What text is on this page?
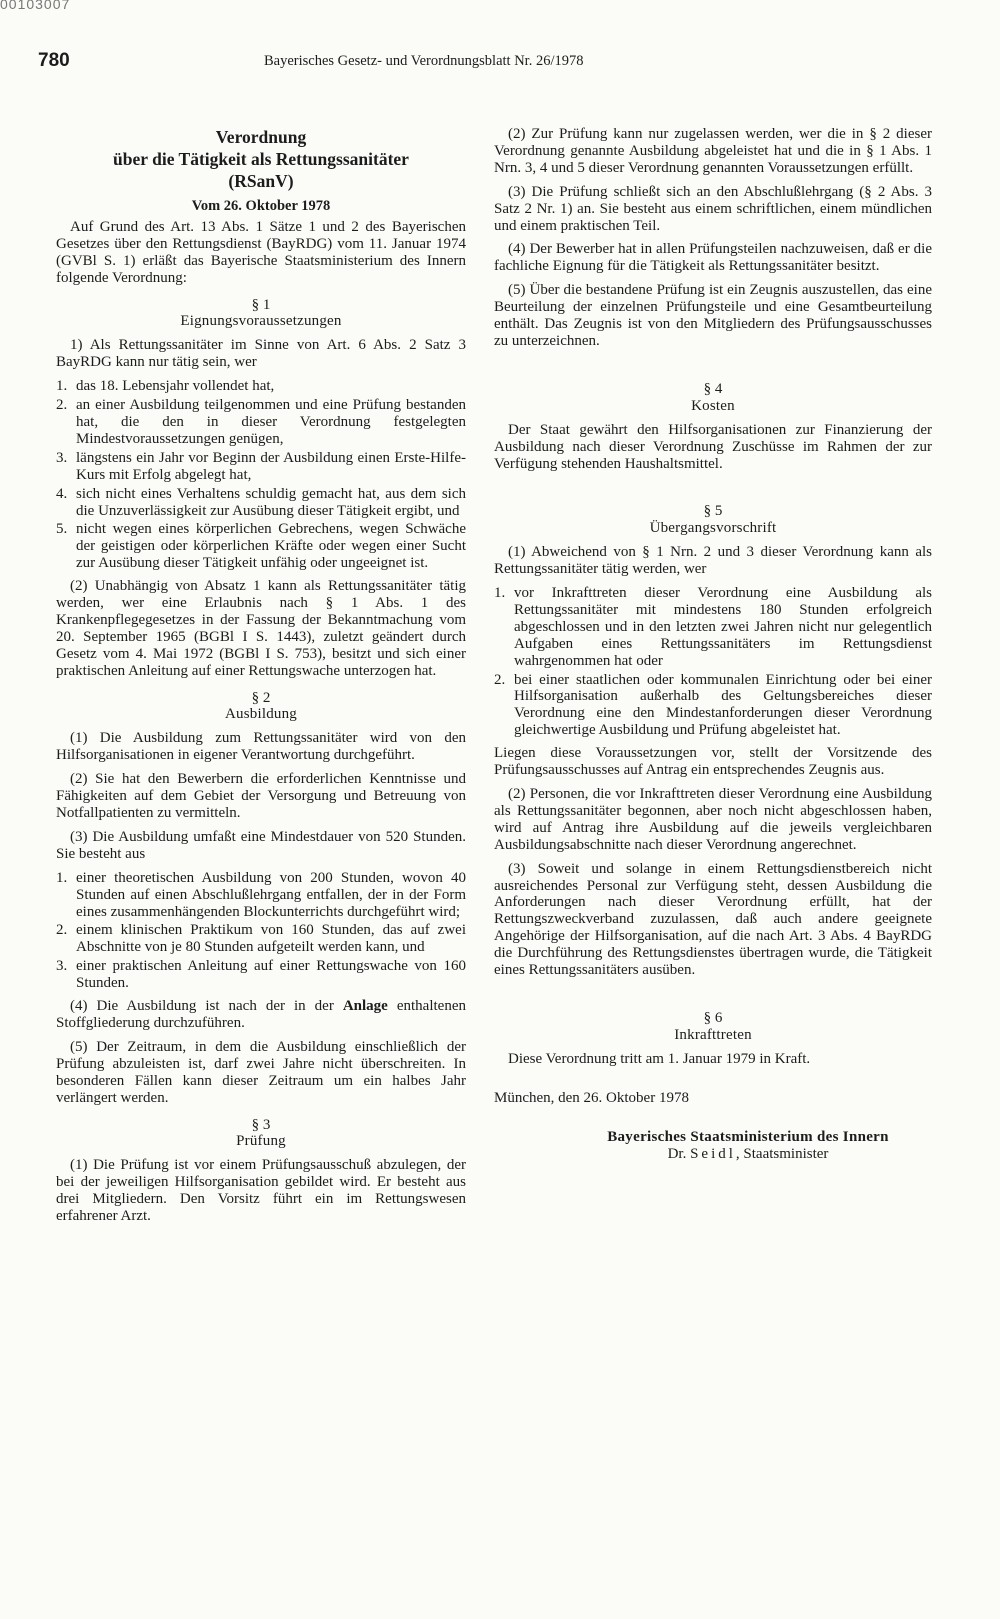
00103007
780	Bayerisches Gesetz- und Verordnungsblatt Nr. 26/1978
Verordnung
über die Tätigkeit als Rettungssanitäter
(RSanV)
Vom 26. Oktober 1978

Auf Grund des Art. 13 Abs. 1 Sätze 1 und 2 des Bayerischen Gesetzes über den Rettungsdienst (BayRDG) vom 11. Januar 1974 (GVBl S. 1) erläßt das Bayerische Staatsministerium des Innern folgende Verordnung:

§ 1
Eignungsvoraussetzungen

1) Als Rettungssanitäter im Sinne von Art. 6 Abs. 2 Satz 3 BayRDG kann nur tätig sein, wer

1. das 18. Lebensjahr vollendet hat,
2. an einer Ausbildung teilgenommen und eine Prüfung bestanden hat, die den in dieser Verordnung festgelegten Mindestvoraussetzungen genügen,
3. längstens ein Jahr vor Beginn der Ausbildung einen Erste-Hilfe-Kurs mit Erfolg abgelegt hat,
4. sich nicht eines Verhaltens schuldig gemacht hat, aus dem sich die Unzuverlässigkeit zur Ausübung dieser Tätigkeit ergibt, und
5. nicht wegen eines körperlichen Gebrechens, wegen Schwäche der geistigen oder körperlichen Kräfte oder wegen einer Sucht zur Ausübung dieser Tätigkeit unfähig oder ungeeignet ist.

(2) Unabhängig von Absatz 1 kann als Rettungssanitäter tätig werden, wer eine Erlaubnis nach § 1 Abs. 1 des Krankenpflegegesetzes in der Fassung der Bekanntmachung vom 20. September 1965 (BGBl I S. 1443), zuletzt geändert durch Gesetz vom 4. Mai 1972 (BGBl I S. 753), besitzt und sich einer praktischen Anleitung auf einer Rettungswache unterzogen hat.

§ 2
Ausbildung

(1) Die Ausbildung zum Rettungssanitäter wird von den Hilfsorganisationen in eigener Verantwortung durchgeführt.

(2) Sie hat den Bewerbern die erforderlichen Kenntnisse und Fähigkeiten auf dem Gebiet der Versorgung und Betreuung von Notfallpatienten zu vermitteln.

(3) Die Ausbildung umfaßt eine Mindestdauer von 520 Stunden. Sie besteht aus

1. einer theoretischen Ausbildung von 200 Stunden, wovon 40 Stunden auf einen Abschlußlehrgang entfallen, der in der Form eines zusammenhängenden Blockunterrichts durchgeführt wird;
2. einem klinischen Praktikum von 160 Stunden, das auf zwei Abschnitte von je 80 Stunden aufgeteilt werden kann, und
3. einer praktischen Anleitung auf einer Rettungswache von 160 Stunden.

(4) Die Ausbildung ist nach der in der Anlage enthaltenen Stoffgliederung durchzuführen.

(5) Der Zeitraum, in dem die Ausbildung einschließlich der Prüfung abzuleisten ist, darf zwei Jahre nicht überschreiten. In besonderen Fällen kann dieser Zeitraum um ein halbes Jahr verlängert werden.

§ 3
Prüfung

(1) Die Prüfung ist vor einem Prüfungsausschuß abzulegen, der bei der jeweiligen Hilfsorganisation gebildet wird. Er besteht aus drei Mitgliedern. Den Vorsitz führt ein im Rettungswesen erfahrener Arzt.

(2) Zur Prüfung kann nur zugelassen werden, wer die in § 2 dieser Verordnung genannte Ausbildung abgeleistet hat und die in § 1 Abs. 1 Nrn. 3, 4 und 5 dieser Verordnung genannten Voraussetzungen erfüllt.

(3) Die Prüfung schließt sich an den Abschlußlehrgang (§ 2 Abs. 3 Satz 2 Nr. 1) an. Sie besteht aus einem schriftlichen, einem mündlichen und einem praktischen Teil.

(4) Der Bewerber hat in allen Prüfungsteilen nachzuweisen, daß er die fachliche Eignung für die Tätigkeit als Rettungssanitäter besitzt.

(5) Über die bestandene Prüfung ist ein Zeugnis auszustellen, das eine Beurteilung der einzelnen Prüfungsteile und eine Gesamtbeurteilung enthält. Das Zeugnis ist von den Mitgliedern des Prüfungsausschusses zu unterzeichnen.

§ 4
Kosten

Der Staat gewährt den Hilfsorganisationen zur Finanzierung der Ausbildung nach dieser Verordnung Zuschüsse im Rahmen der zur Verfügung stehenden Haushaltsmittel.

§ 5
Übergangsvorschrift

(1) Abweichend von § 1 Nrn. 2 und 3 dieser Verordnung kann als Rettungssanitäter tätig werden, wer

1. vor Inkrafttreten dieser Verordnung eine Ausbildung als Rettungssanitäter mit mindestens 180 Stunden erfolgreich abgeschlossen und in den letzten zwei Jahren nicht nur gelegentlich Aufgaben eines Rettungssanitäters im Rettungsdienst wahrgenommen hat oder
2. bei einer staatlichen oder kommunalen Einrichtung oder bei einer Hilfsorganisation außerhalb des Geltungsbereiches dieser Verordnung eine den Mindestanforderungen dieser Verordnung gleichwertige Ausbildung und Prüfung abgeleistet hat.

Liegen diese Voraussetzungen vor, stellt der Vorsitzende des Prüfungsausschusses auf Antrag ein entsprechendes Zeugnis aus.

(2) Personen, die vor Inkrafttreten dieser Verordnung eine Ausbildung als Rettungssanitäter begonnen, aber noch nicht abgeschlossen haben, wird auf Antrag ihre Ausbildung auf die jeweils vergleichbaren Ausbildungsabschnitte nach dieser Verordnung angerechnet.

(3) Soweit und solange in einem Rettungsdienstbereich nicht ausreichendes Personal zur Verfügung steht, dessen Ausbildung die Anforderungen nach dieser Verordnung erfüllt, hat der Rettungszweckverband zuzulassen, daß auch andere geeignete Angehörige der Hilfsorganisation, auf die nach Art. 3 Abs. 4 BayRDG die Durchführung des Rettungsdienstes übertragen wurde, die Tätigkeit eines Rettungssanitäters ausüben.

§ 6
Inkrafttreten

Diese Verordnung tritt am 1. Januar 1979 in Kraft.

München, den 26. Oktober 1978

Bayerisches Staatsministerium des Innern

Dr. Seidl, Staatsminister
